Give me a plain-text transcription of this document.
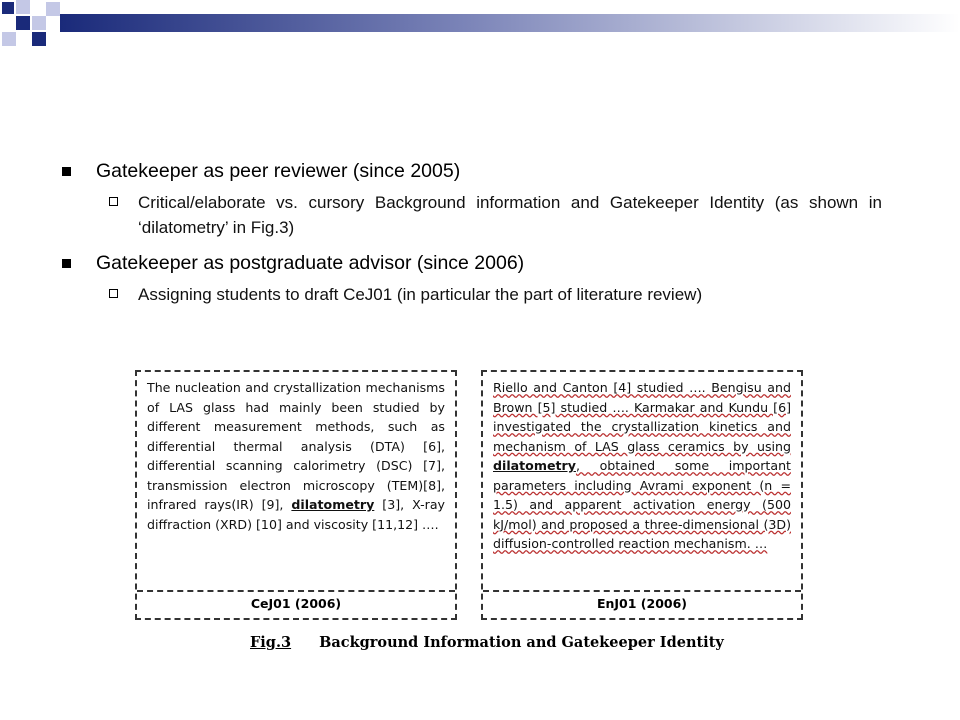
Gatekeeper as peer reviewer (since 2005)
Critical/elaborate vs. cursory Background information and Gatekeeper Identity (as shown in ‘dilatometry’ in Fig.3)
Gatekeeper as postgraduate advisor (since 2006)
Assigning students to draft CeJ01 (in particular the part of literature review)
The nucleation and crystallization mechanisms of LAS glass had mainly been studied by different measurement methods, such as differential thermal analysis (DTA) [6], differential scanning calorimetry (DSC) [7], transmission electron microscopy (TEM)[8], infrared rays(IR) [9], dilatometry [3], X-ray diffraction (XRD) [10] and viscosity [11,12] ….
CeJ01 (2006)
Riello and Canton [4] studied …. Bengisu and Brown [5] studied …. Karmakar and Kundu [6] investigated the crystallization kinetics and mechanism of LAS glass ceramics by using dilatometry, obtained some important parameters including Avrami exponent (n = 1.5) and apparent activation energy (500 kJ/mol) and proposed a three-dimensional (3D) diffusion-controlled reaction mechanism. …
EnJ01 (2006)
Fig.3 Background Information and Gatekeeper Identity
